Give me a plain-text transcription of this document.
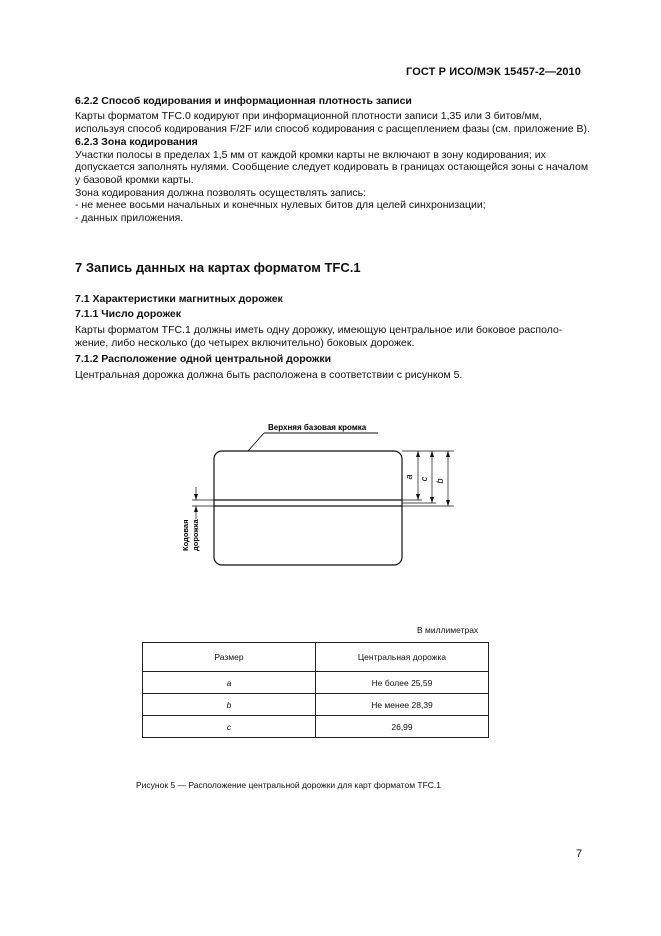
ГОСТ Р ИСО/МЭК 15457-2—2010
6.2.2 Способ кодирования и информационная плотность записи
Карты форматом TFC.0 кодируют при информационной плотности записи 1,35 или 3 битов/мм,
используя способ кодирования F/2F или способ кодирования с расщеплением фазы (см. приложение B).
6.2.3 Зона кодирования
Участки полосы в пределах 1,5 мм от каждой кромки карты не включают в зону кодирования; их
допускается заполнять нулями. Сообщение следует кодировать в границах остающейся зоны с началом
у базовой кромки карты.
Зона кодирования должна позволять осуществлять запись:
- не менее восьми начальных и конечных нулевых битов для целей синхронизации;
- данных приложения.
7 Запись данных на картах форматом TFC.1
7.1 Характеристики магнитных дорожек
7.1.1 Число дорожек
Карты форматом TFC.1 должны иметь одну дорожку, имеющую центральное или боковое располо-
жение, либо несколько (до четырех включительно) боковых дорожек.
7.1.2 Расположение одной центральной дорожки
Центральная дорожка должна быть расположена в соответствии с рисунком 5.
a c b
Верхняя базовая кромка
Кодовая дорожка
В миллиметрах
Размер	Центральная дорожка
a	Не более 25,59
b	Не менее 28,39
c	26,99
Рисунок 5 — Расположение центральной дорожки для карт форматом TFC.1
7
